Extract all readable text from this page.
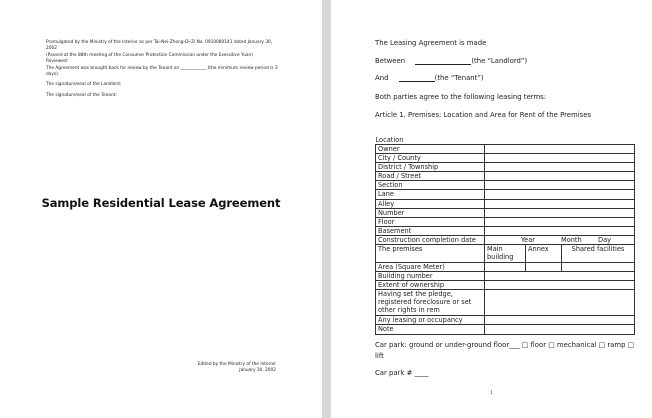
Promulgated by the Ministry of the Interior as per Tai-Nei-Zhong-Di-Zi No. 0910080141 dated January 30, 2002
(Passed at the 88th meeting of the Consumer Protection Commission under the Executive Yuan)
Reviewed:
The Agreement was brought back for review by the Tenant on ____________ (the minimum review period is 3 days).
The signature/seal of the Landlord:
The signature/seal of the Tenant:
Sample Residential Lease Agreement
Edited by the Ministry of the Interior
January 30, 2002
The Leasing Agreement is made
Between	(the “Landlord”)
And	(the “Tenant”)
Both parties agree to the following leasing terms:
Article 1. Premises: Location and Area for Rent of the Premises
Location			
Owner			
City / County			
District / Township			
Road / Street			
Section			
Lane			
Alley			
Number			
Floor			
Basement			
Construction completion date	Year Month Day		
The premises	Main building	Annex	Shared facilities
Area (Square Meter)			
Building number			
Extent of ownership			
Having set the pledge, registered foreclosure or set other rights in rem			
Any leasing or occupancy			
Note			
Car park: ground or under-ground floor___ □ floor □ mechanical □ ramp □ lift
Car park # ____
1
